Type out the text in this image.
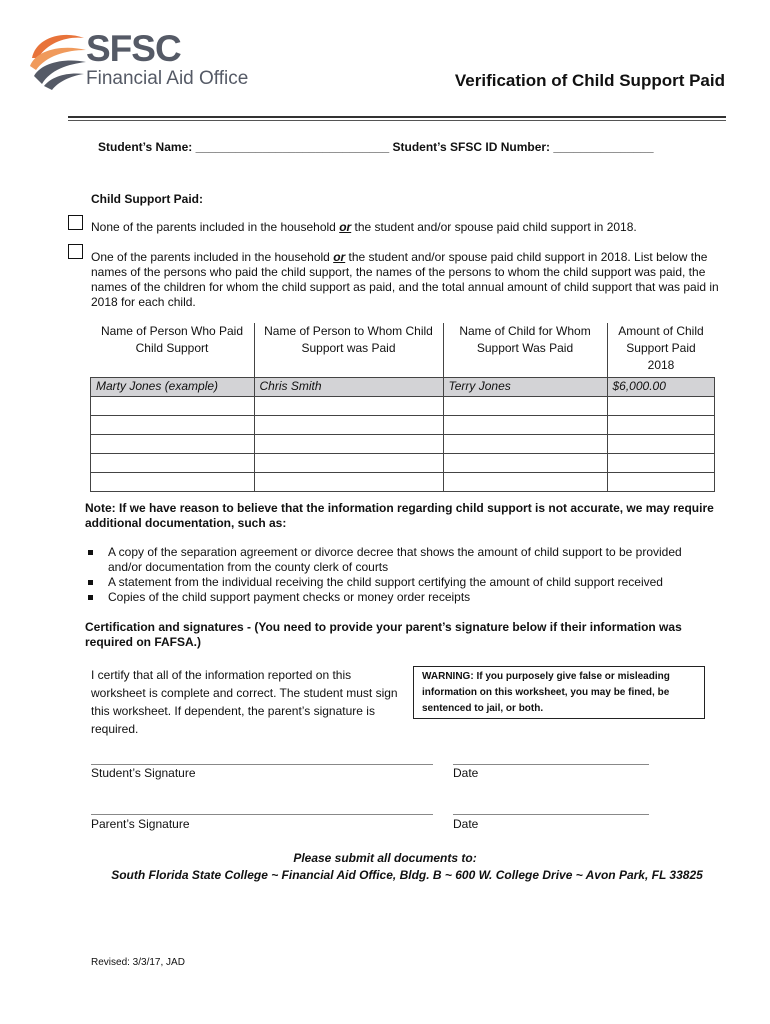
SFSC
Financial Aid Office	Verification of Child Support Paid
Student’s Name: _____________________________ Student’s SFSC ID Number: _______________
Child Support Paid:
None of the parents included in the household or the student and/or spouse paid child support in 2018.
One of the parents included in the household or the student and/or spouse paid child support in 2018. List below the names of the persons who paid the child support, the names of the persons to whom the child support was paid, the names of the children for whom the child support as paid, and the total annual amount of child support that was paid in 2018 for each child.
Name of Person Who Paid Child Support	Name of Person to Whom Child Support was Paid	Name of Child for Whom Support Was Paid	Amount of Child Support Paid 2018
Marty Jones (example)	Chris Smith	Terry Jones	$6,000.00

Note: If we have reason to believe that the information regarding child support is not accurate, we may require additional documentation, such as:
A copy of the separation agreement or divorce decree that shows the amount of child support to be provided and/or documentation from the county clerk of courts
A statement from the individual receiving the child support certifying the amount of child support received
Copies of the child support payment checks or money order receipts
Certification and signatures - (You need to provide your parent’s signature below if their information was required on FAFSA.)
I certify that all of the information reported on this worksheet is complete and correct. The student must sign this worksheet. If dependent, the parent’s signature is required.
WARNING: If you purposely give false or misleading information on this worksheet, you may be fined, be sentenced to jail, or both.
Student’s Signature	Date
Parent’s Signature	Date
Please submit all documents to:
South Florida State College ~ Financial Aid Office, Bldg. B ~ 600 W. College Drive ~ Avon Park, FL 33825
Revised: 3/3/17, JAD
